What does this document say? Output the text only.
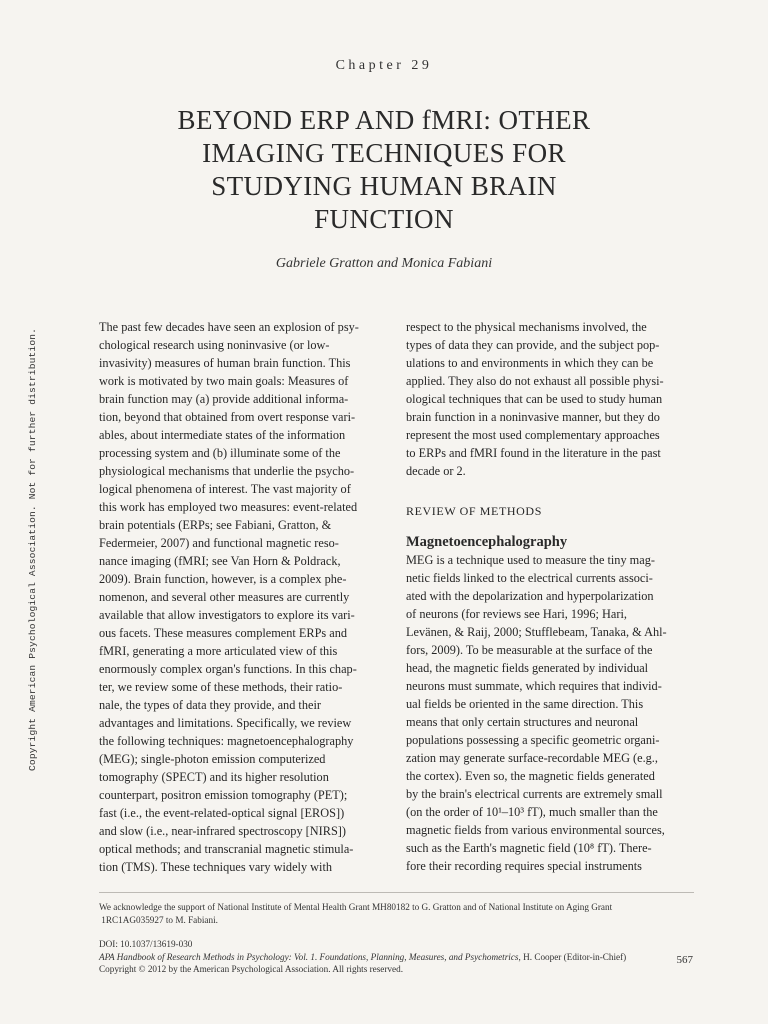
Copyright American Psychological Association. Not for further distribution.
Chapter 29
BEYOND ERP AND fMRI: OTHER
IMAGING TECHNIQUES FOR
STUDYING HUMAN BRAIN
FUNCTION
Gabriele Gratton and Monica Fabiani

The past few decades have seen an explosion of psy-
chological research using noninvasive (or low-
invasivity) measures of human brain function. This
work is motivated by two main goals: Measures of
brain function may (a) provide additional informa-
tion, beyond that obtained from overt response vari-
ables, about intermediate states of the information
processing system and (b) illuminate some of the
physiological mechanisms that underlie the psycho-
logical phenomena of interest. The vast majority of
this work has employed two measures: event-related
brain potentials (ERPs; see Fabiani, Gratton, &
Federmeier, 2007) and functional magnetic reso-
nance imaging (fMRI; see Van Horn & Poldrack,
2009). Brain function, however, is a complex phe-
nomenon, and several other measures are currently
available that allow investigators to explore its vari-
ous facets. These measures complement ERPs and
fMRI, generating a more articulated view of this
enormously complex organ's functions. In this chap-
ter, we review some of these methods, their ratio-
nale, the types of data they provide, and their
advantages and limitations. Specifically, we review
the following techniques: magnetoencephalography
(MEG); single-photon emission computerized
tomography (SPECT) and its higher resolution
counterpart, positron emission tomography (PET);
fast (i.e., the event-related-optical signal [EROS])
and slow (i.e., near-infrared spectroscopy [NIRS])
optical methods; and transcranial magnetic stimula-
tion (TMS). These techniques vary widely with

respect to the physical mechanisms involved, the
types of data they can provide, and the subject pop-
ulations to and environments in which they can be
applied. They also do not exhaust all possible physi-
ological techniques that can be used to study human
brain function in a noninvasive manner, but they do
represent the most used complementary approaches
to ERPs and fMRI found in the literature in the past
decade or 2.

REVIEW OF METHODS
Magnetoencephalography

MEG is a technique used to measure the tiny mag-
netic fields linked to the electrical currents associ-
ated with the depolarization and hyperpolarization
of neurons (for reviews see Hari, 1996; Hari,
Levänen, & Raij, 2000; Stufflebeam, Tanaka, & Ahl-
fors, 2009). To be measurable at the surface of the
head, the magnetic fields generated by individual
neurons must summate, which requires that individ-
ual fields be oriented in the same direction. This
means that only certain structures and neuronal
populations possessing a specific geometric organi-
zation may generate surface-recordable MEG (e.g.,
the cortex). Even so, the magnetic fields generated
by the brain's electrical currents are extremely small
(on the order of 10¹–10³ fT), much smaller than the
magnetic fields from various environmental sources,
such as the Earth's magnetic field (10⁸ fT). There-
fore their recording requires special instruments

We acknowledge the support of National Institute of Mental Health Grant MH80182 to G. Gratton and of National Institute on Aging Grant
1RC1AG035927 to M. Fabiani.
DOI: 10.1037/13619-030
APA Handbook of Research Methods in Psychology: Vol. 1. Foundations, Planning, Measures, and Psychometrics, H. Cooper (Editor-in-Chief)
Copyright © 2012 by the American Psychological Association. All rights reserved.
567
